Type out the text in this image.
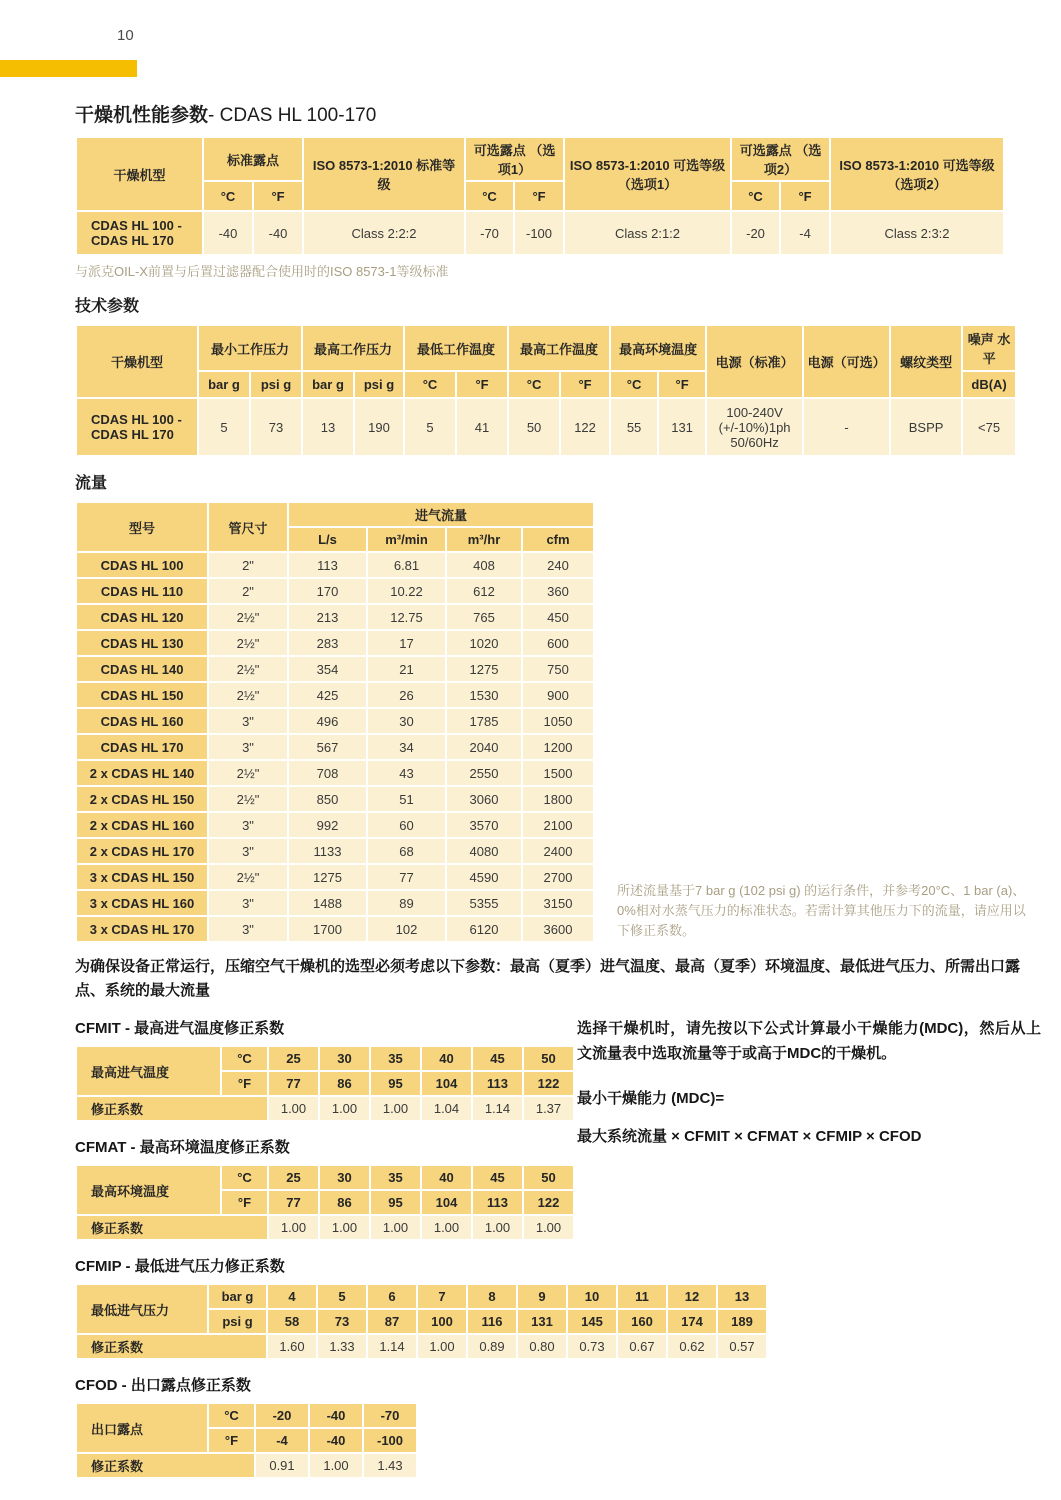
10
干燥机性能参数- CDAS HL 100-170
干燥机型	标准露点		ISO 8573-1:2010 标准等级	可选露点 （选项1）		ISO 8573-1:2010 可选等级（选项1）	可选露点 （选项2）		ISO 8573-1:2010 可选等级（选项2）
	°C	°F		°C	°F		°C	°F	
CDAS HL 100 - CDAS HL 170	-40	-40	Class 2:2:2	-70	-100	Class 2:1:2	-20	-4	Class 2:3:2
与派克OIL-X前置与后置过滤器配合使用时的ISO 8573-1等级标准
技术参数
干燥机型	最小工作压力		最高工作压力		最低工作温度		最高工作温度		最高环境温度		电源（标准）	电源（可选）	螺纹类型	噪声 水平
	bar g	psi g	bar g	psi g	°C	°F	°C	°F	°C	°F				dB(A)
CDAS HL 100 - CDAS HL 170	5	73	13	190	5	41	50	122	55	131	100-240V (+/-10%)1ph 50/60Hz	-	BSPP	<75
流量
型号	管尺寸	进气流量			
		L/s	m³/min	m³/hr	cfm
CDAS HL 100	2"	113	6.81	408	240
CDAS HL 110	2"	170	10.22	612	360
CDAS HL 120	2½"	213	12.75	765	450
CDAS HL 130	2½"	283	17	1020	600
CDAS HL 140	2½"	354	21	1275	750
CDAS HL 150	2½"	425	26	1530	900
CDAS HL 160	3"	496	30	1785	1050
CDAS HL 170	3"	567	34	2040	1200
2 x CDAS HL 140	2½"	708	43	2550	1500
2 x CDAS HL 150	2½"	850	51	3060	1800
2 x CDAS HL 160	3"	992	60	3570	2100
2 x CDAS HL 170	3"	1133	68	4080	2400
3 x CDAS HL 150	2½"	1275	77	4590	2700
3 x CDAS HL 160	3"	1488	89	5355	3150
3 x CDAS HL 170	3"	1700	102	6120	3600
所述流量基于7 bar g (102 psi g) 的运行条件，并参考20°C、1 bar (a)、0%相对水蒸气压力的标准状态。若需计算其他压力下的流量，请应用以下修正系数。
为确保设备正常运行，压缩空气干燥机的选型必须考虑以下参数：最高（夏季）进气温度、最高（夏季）环境温度、最低进气压力、所需出口露点、系统的最大流量
CFMIT - 最高进气温度修正系数
最高进气温度	°C	25	30	35	40	45	50
	°F	77	86	95	104	113	122
修正系数		1.00	1.00	1.00	1.04	1.14	1.37
CFMAT - 最高环境温度修正系数
最高环境温度	°C	25	30	35	40	45	50
	°F	77	86	95	104	113	122
修正系数		1.00	1.00	1.00	1.00	1.00	1.00
选择干燥机时，请先按以下公式计算最小干燥能力(MDC)，然后从上文流量表中选取流量等于或高于MDC的干燥机。
最小干燥能力 (MDC)=
最大系统流量 × CFMIT × CFMAT × CFMIP × CFOD
CFMIP - 最低进气压力修正系数
最低进气压力	bar g	4	5	6	7	8	9	10	11	12	13
	psi g	58	73	87	100	116	131	145	160	174	189
修正系数		1.60	1.33	1.14	1.00	0.89	0.80	0.73	0.67	0.62	0.57
CFOD - 出口露点修正系数
出口露点	°C	-20	-40	-70
	°F	-4	-40	-100
修正系数		0.91	1.00	1.43
